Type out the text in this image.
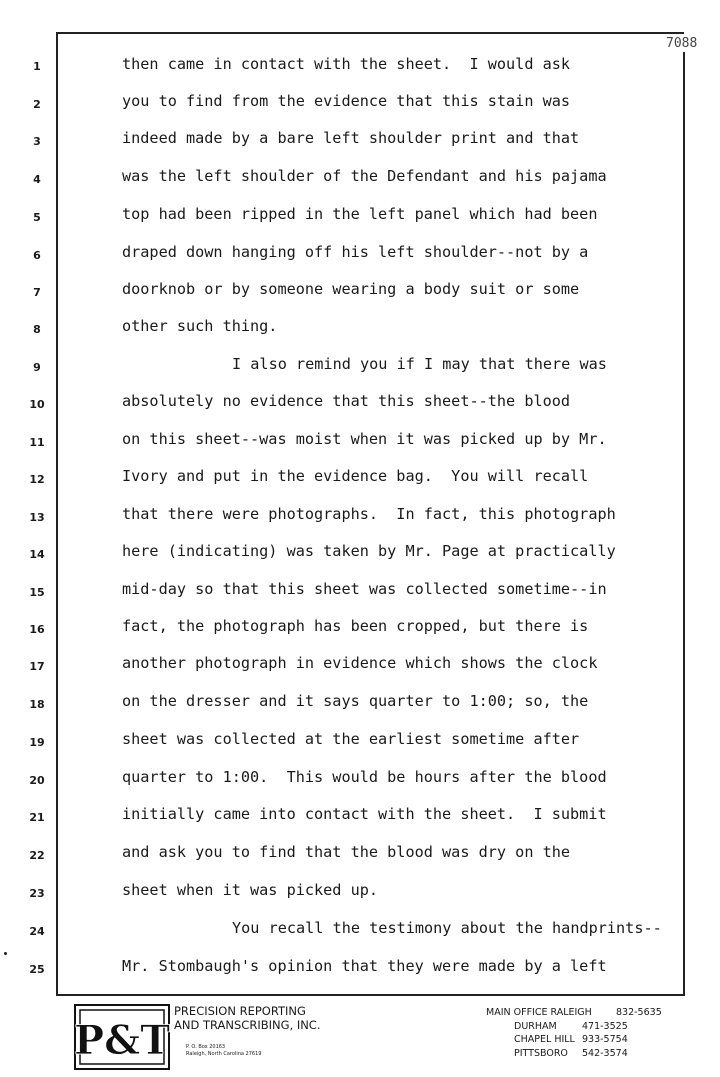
7088
1	then came in contact with the sheet.  I would ask
2	you to find from the evidence that this stain was
3	indeed made by a bare left shoulder print and that
4	was the left shoulder of the Defendant and his pajama
5	top had been ripped in the left panel which had been
6	draped down hanging off his left shoulder--not by a
7	doorknob or by someone wearing a body suit or some
8	other such thing.
9	I also remind you if I may that there was
10	absolutely no evidence that this sheet--the blood
11	on this sheet--was moist when it was picked up by Mr.
12	Ivory and put in the evidence bag.  You will recall
13	that there were photographs.  In fact, this photograph
14	here (indicating) was taken by Mr. Page at practically
15	mid-day so that this sheet was collected sometime--in
16	fact, the photograph has been cropped, but there is
17	another photograph in evidence which shows the clock
18	on the dresser and it says quarter to 1:00; so, the
19	sheet was collected at the earliest sometime after
20	quarter to 1:00.  This would be hours after the blood
21	initially came into contact with the sheet.  I submit
22	and ask you to find that the blood was dry on the
23	sheet when it was picked up.
24	You recall the testimony about the handprints--
25	Mr. Stombaugh's opinion that they were made by a left
P&T
PRECISION REPORTING
AND TRANSCRIBING, INC.
P. O. Box 20163
Raleigh, North Carolina 27619
MAIN OFFICE RALEIGH	832-5635
DURHAM	471-3525
CHAPEL HILL 933-5754
PITTSBORO 542-3574
